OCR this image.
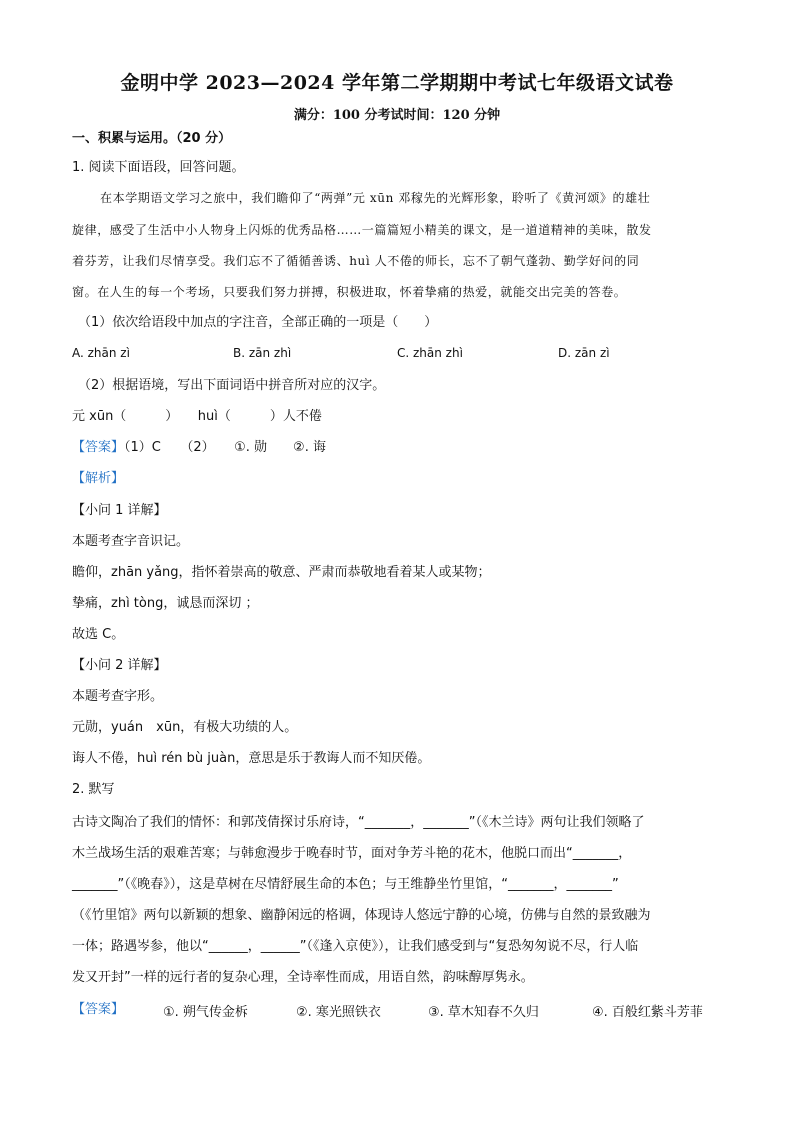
金明中学 2023—2024 学年第二学期期中考试七年级语文试卷
满分：100 分考试时间：120 分钟
一、积累与运用。（20 分）
1. 阅读下面语段，回答问题。
在本学期语文学习之旅中，我们瞻仰了“两弹”元 xūn 邓稼先的光辉形象，聆听了《黄河颂》的雄壮
旋律，感受了生活中小人物身上闪烁的优秀品格……一篇篇短小精美的课文，是一道道精神的美味，散发
着芬芳，让我们尽情享受。我们忘不了循循善诱、huì 人不倦的师长，忘不了朝气蓬勃、勤学好问的同
窗。在人生的每一个考场，只要我们努力拼搏，积极进取，怀着挚痛的热爱，就能交出完美的答卷。
（1）依次给语段中加点的字注音，全部正确的一项是（　　）
A. zhān zì	B. zān zhì	C. zhān zhì	D. zān zì
（2）根据语境，写出下面词语中拼音所对应的汉字。
元 xūn（　　　）　　huì（　　　）人不倦
【答案】（1）C　　（2）　　①. 勋　　②. 诲
【解析】
【小问 1 详解】
本题考查字音识记。
瞻仰，zhān yǎng，指怀着崇高的敬意、严肃而恭敬地看着某人或某物；
挚痛，zhì tòng，诚恳而深切 ；
故选 C。
【小问 2 详解】
本题考查字形。
元勋，yuán　xūn，有极大功绩的人。
诲人不倦，huì rén bù juàn，意思是乐于教诲人而不知厌倦。
2. 默写
古诗文陶冶了我们的情怀：和郭茂倩探讨乐府诗，“_______，_______”（《木兰诗》两句让我们领略了
木兰战场生活的艰难苦寒；与韩愈漫步于晚春时节，面对争芳斗艳的花木，他脱口而出“_______，
_______”（《晚春》），这是草树在尽情舒展生命的本色；与王维静坐竹里馆，“_______，_______”
（《竹里馆》两句以新颖的想象、幽静闲远的格调，体现诗人悠远宁静的心境，仿佛与自然的景致融为
一体；路遇岑参，他以“______，______”（《逢入京使》），让我们感受到与“复恐匆匆说不尽，行人临
发又开封”一样的远行者的复杂心理，全诗率性而成，用语自然，韵味醇厚隽永。
【答案】	①. 朔气传金柝	②. 寒光照铁衣	③. 草木知春不久归	④. 百般红紫斗芳菲
